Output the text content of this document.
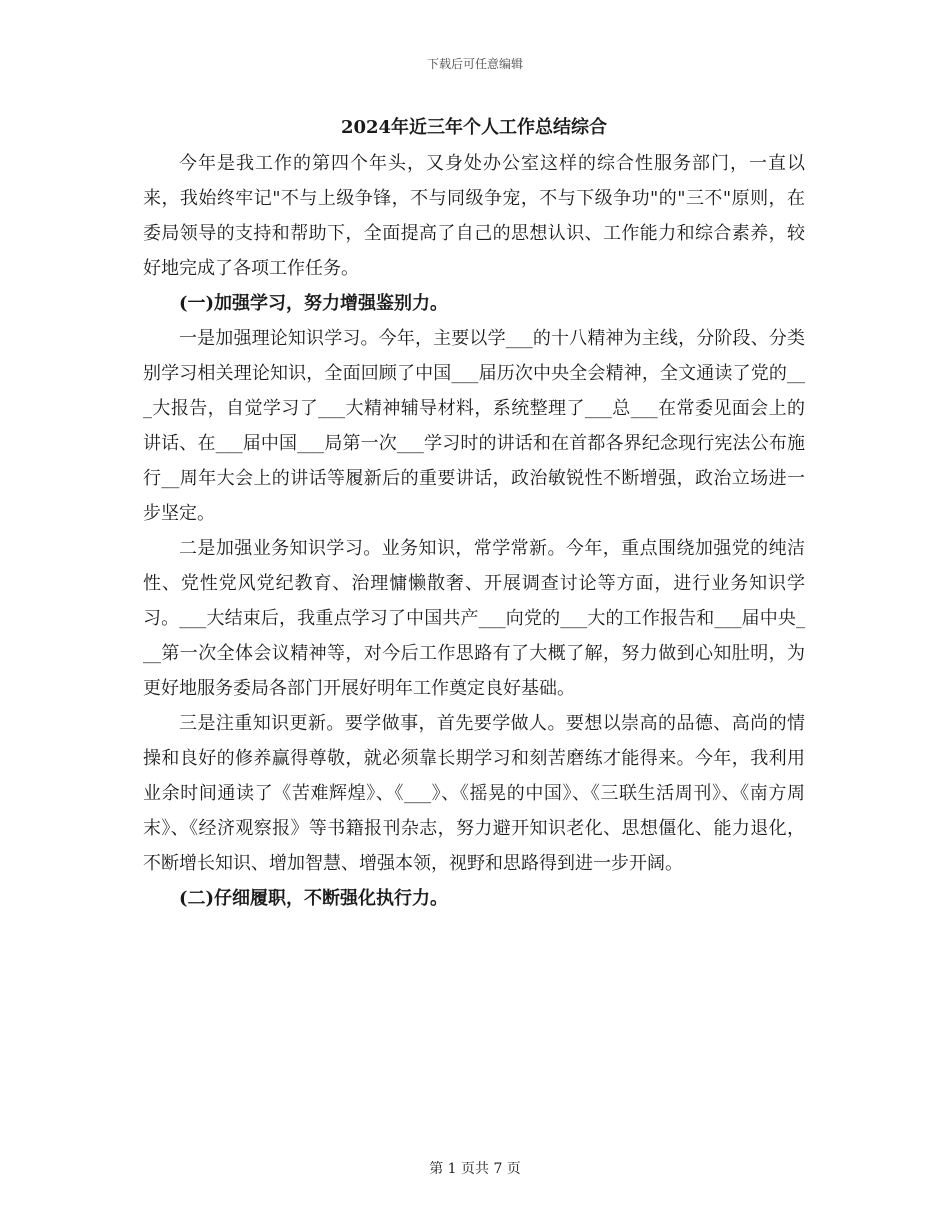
下载后可任意编辑
2024年近三年个人工作总结综合

今年是我工作的第四个年头，又身处办公室这样的综合性服务部门，一直以来，我始终牢记"不与上级争锋，不与同级争宠，不与下级争功"的"三不"原则，在委局领导的支持和帮助下，全面提高了自己的思想认识、工作能力和综合素养，较好地完成了各项工作任务。

(一)加强学习，努力增强鉴别力。

一是加强理论知识学习。今年，主要以学___的十八精神为主线，分阶段、分类别学习相关理论知识，全面回顾了中国___届历次中央全会精神，全文通读了党的___大报告，自觉学习了___大精神辅导材料，系统整理了___总___在常委见面会上的讲话、在___届中国___局第一次___学习时的讲话和在首都各界纪念现行宪法公布施行__周年大会上的讲话等履新后的重要讲话，政治敏锐性不断增强，政治立场进一步坚定。

二是加强业务知识学习。业务知识，常学常新。今年，重点围绕加强党的纯洁性、党性党风党纪教育、治理慵懒散奢、开展调查讨论等方面，进行业务知识学习。___大结束后，我重点学习了中国共产___向党的___大的工作报告和___届中央___第一次全体会议精神等，对今后工作思路有了大概了解，努力做到心知肚明，为更好地服务委局各部门开展好明年工作奠定良好基础。

三是注重知识更新。要学做事，首先要学做人。要想以崇高的品德、高尚的情操和良好的修养赢得尊敬，就必须靠长期学习和刻苦磨练才能得来。今年，我利用业余时间通读了《苦难辉煌》、《___》、《摇晃的中国》、《三联生活周刊》、《南方周末》、《经济观察报》等书籍报刊杂志，努力避开知识老化、思想僵化、能力退化，不断增长知识、增加智慧、增强本领，视野和思路得到进一步开阔。

(二)仔细履职，不断强化执行力。

第 1 页共 7 页
